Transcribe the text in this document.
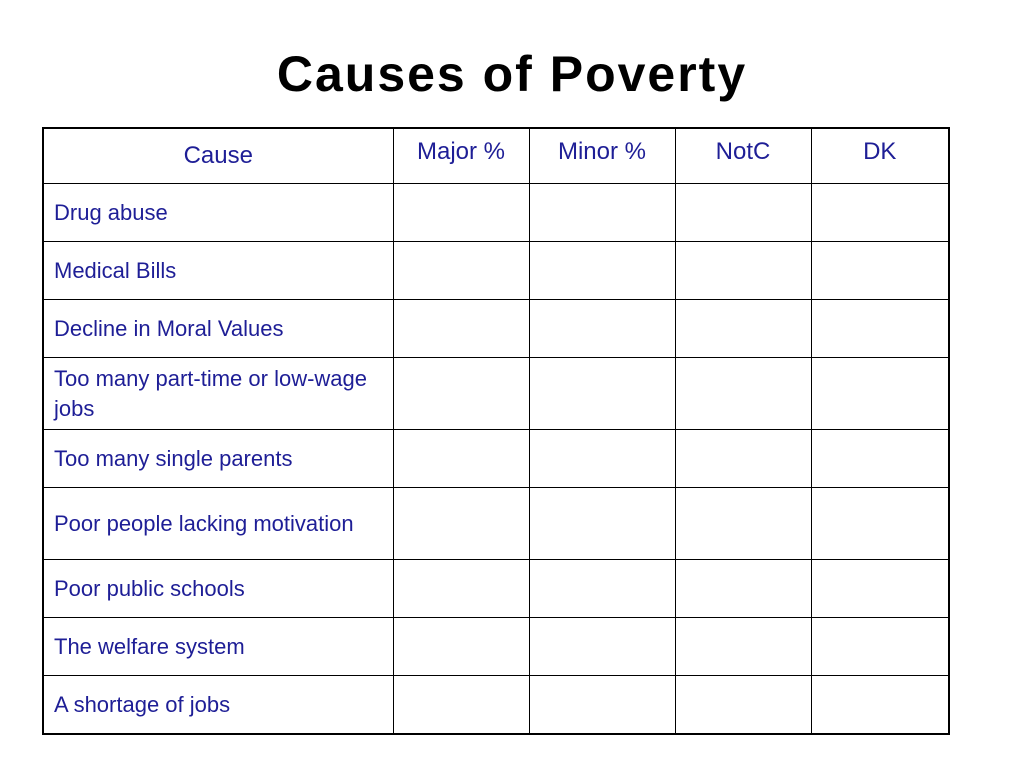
Causes of Poverty
Cause	Major %	Minor %	NotC	DK
Drug abuse				
Medical Bills				
Decline in Moral Values				
Too many part-time or low-wage jobs				
Too many single parents				
Poor people lacking motivation				
Poor public schools				
The welfare system				
A shortage of jobs				
